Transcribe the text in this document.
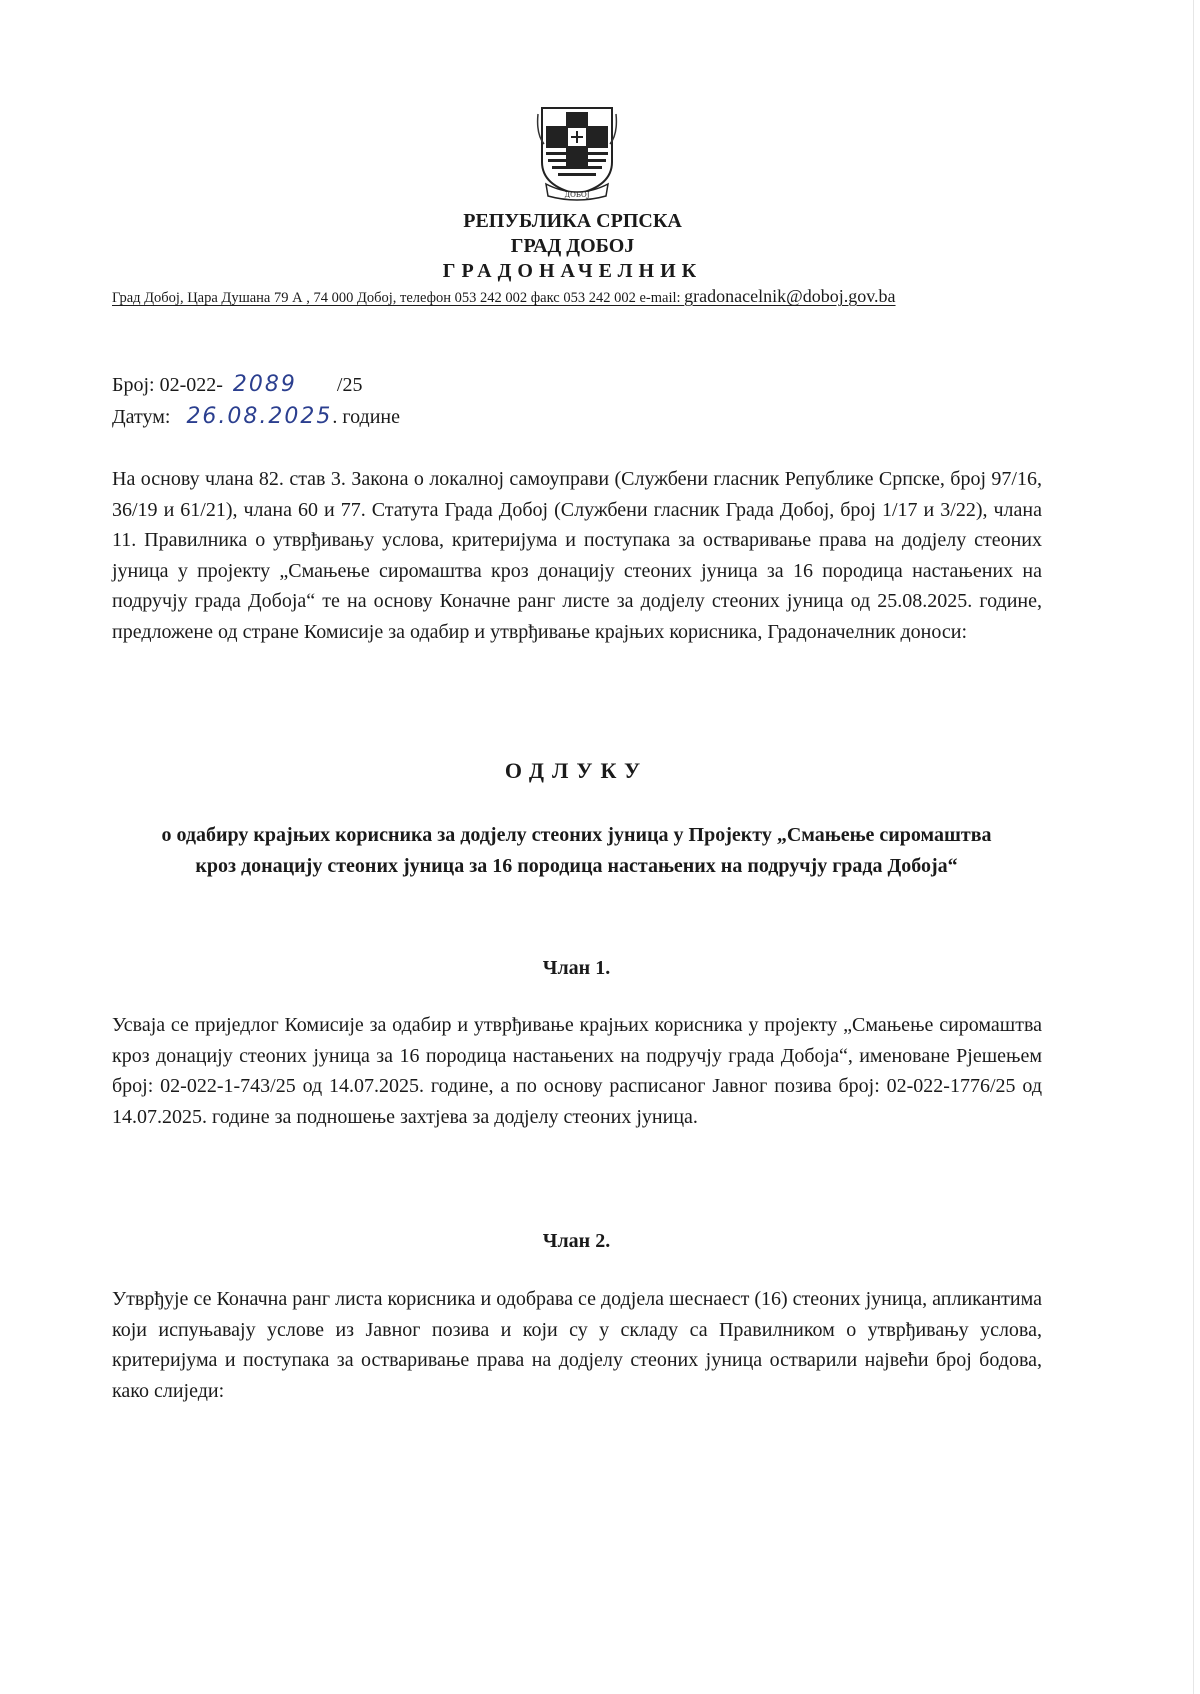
ДОБОЈ
РЕПУБЛИКА СРПСКА
ГРАД ДОБОЈ
ГРАДОНАЧЕЛНИК
Град Добој, Цара Душана 79 А , 74 000 Добој, телефон 053 242 002 факс 053 242 002 e-mail: gradonacelnik@doboj.gov.ba
Број: 02-022- 2089 /25
Датум: 26.08.2025. године

На основу члана 82. став 3. Закона о локалној самоуправи (Службени гласник Републике Српске, број 97/16, 36/19 и 61/21), члана 60 и 77. Статута Града Добој (Службени гласник Града Добој, број 1/17 и 3/22), члана 11. Правилника о утврђивању услова, критеријума и поступака за остваривање права на додјелу стеоних јуница у пројекту „Смањење сиромаштва кроз донацију стеоних јуница за 16 породица настањених на подручју града Добоја“ те на основу Коначне ранг листе за додјелу стеоних јуница од 25.08.2025. године, предложене од стране Комисије за одабир и утврђивање крајњих корисника, Градоначелник доноси:

ОДЛУКУ

о одабиру крајњих корисника за додјелу стеоних јуница у Пројекту „Смањење сиромаштва кроз донацију стеоних јуница за 16 породица настањених на подручју града Добоја“

Члан 1.

Усваја се приједлог Комисије за одабир и утврђивање крајњих корисника у пројекту „Смањење сиромаштва кроз донацију стеоних јуница за 16 породица настањених на подручју града Добоја“, именоване Рјешењем број: 02-022-1-743/25 од 14.07.2025. године, а по основу расписаног Јавног позива број: 02-022-1776/25 од 14.07.2025. године за подношење захтјева за додјелу стеоних јуница.

Члан 2.

Утврђује се Коначна ранг листа корисника и одобрава се додјела шеснаест (16) стеоних јуница, апликантима који испуњавају услове из Јавног позива и који су у складу са Правилником о утврђивању услова, критеријума и поступака за остваривање права на додјелу стеоних јуница остварили највећи број бодова, како слиједи:
